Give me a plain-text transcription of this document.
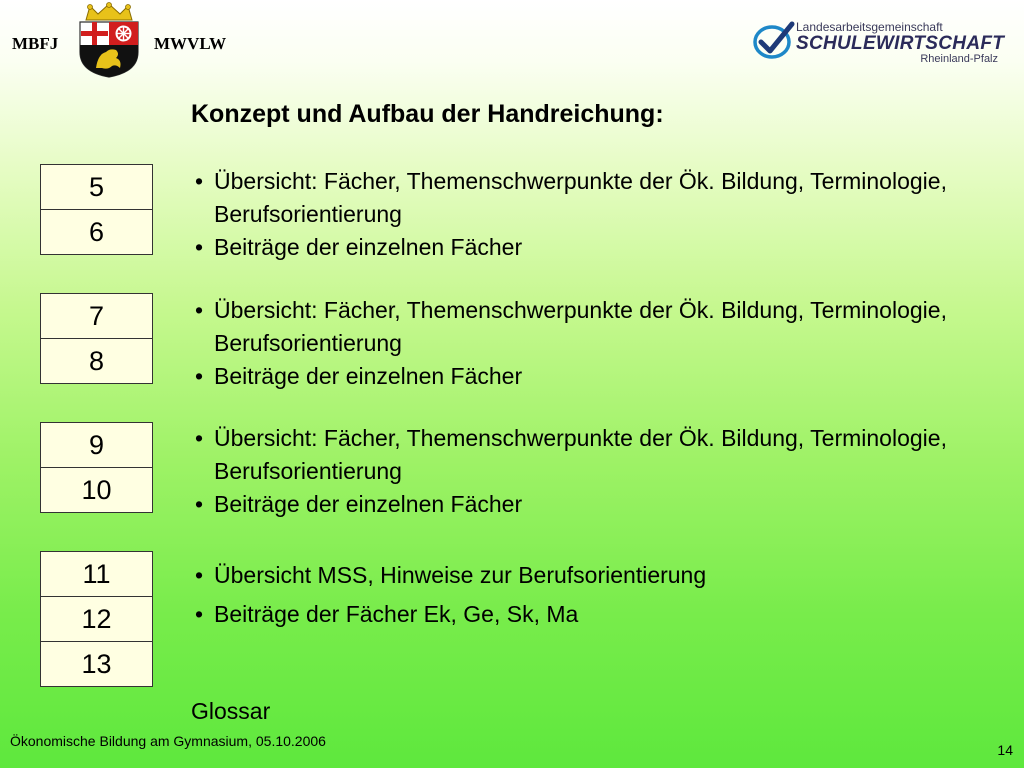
MBFJ	MWVLW
Landesarbeitsgemeinschaft
SCHULEWIRTSCHAFT
Rheinland-Pfalz
Konzept und Aufbau der Handreichung:
5
6
• Übersicht: Fächer, Themenschwerpunkte der Ök. Bildung, Terminologie, Berufsorientierung
• Beiträge der einzelnen Fächer
7
8
• Übersicht: Fächer, Themenschwerpunkte der Ök. Bildung, Terminologie, Berufsorientierung
• Beiträge der einzelnen Fächer
9
10
• Übersicht: Fächer, Themenschwerpunkte der Ök. Bildung, Terminologie, Berufsorientierung
• Beiträge der einzelnen Fächer
11
12
13
• Übersicht MSS, Hinweise zur Berufsorientierung
• Beiträge der Fächer Ek, Ge, Sk, Ma
Glossar
Ökonomische Bildung am Gymnasium, 05.10.2006
14
